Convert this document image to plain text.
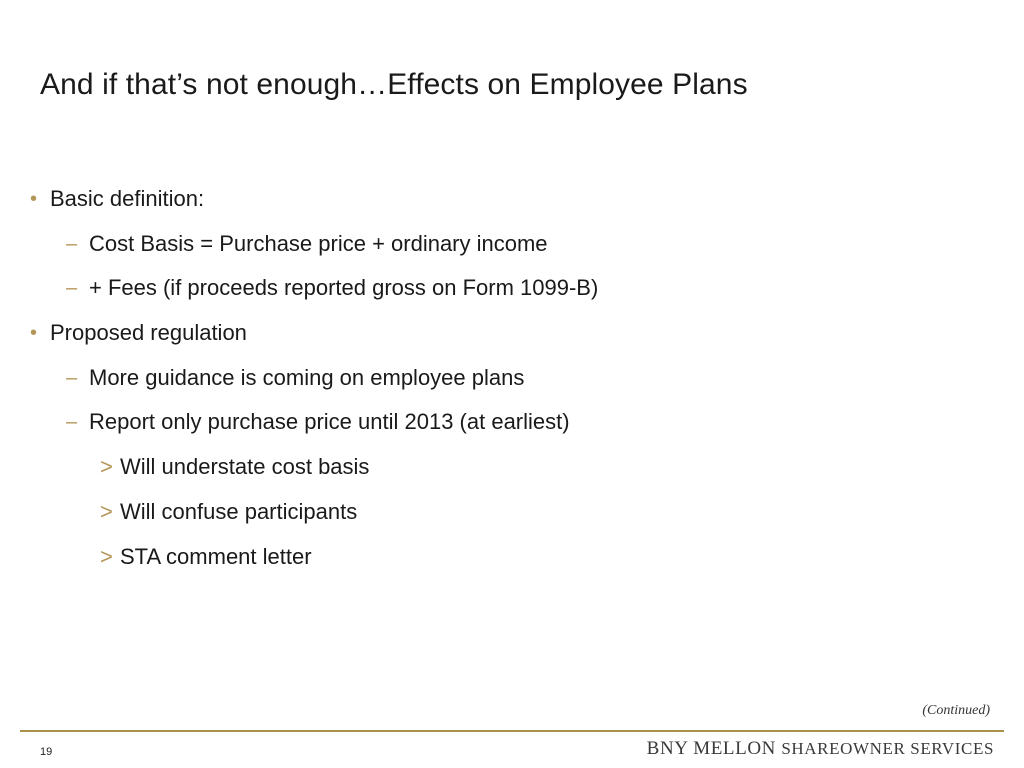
And if that’s not enough…Effects on Employee Plans
• Basic definition:
– Cost Basis = Purchase price + ordinary income
– + Fees (if proceeds reported gross on Form 1099-B)
• Proposed regulation
– More guidance is coming on employee plans
– Report only purchase price until 2013 (at earliest)
> Will understate cost basis
> Will confuse participants
> STA comment letter
(Continued)
19	BNY MELLON SHAREOWNER SERVICES
